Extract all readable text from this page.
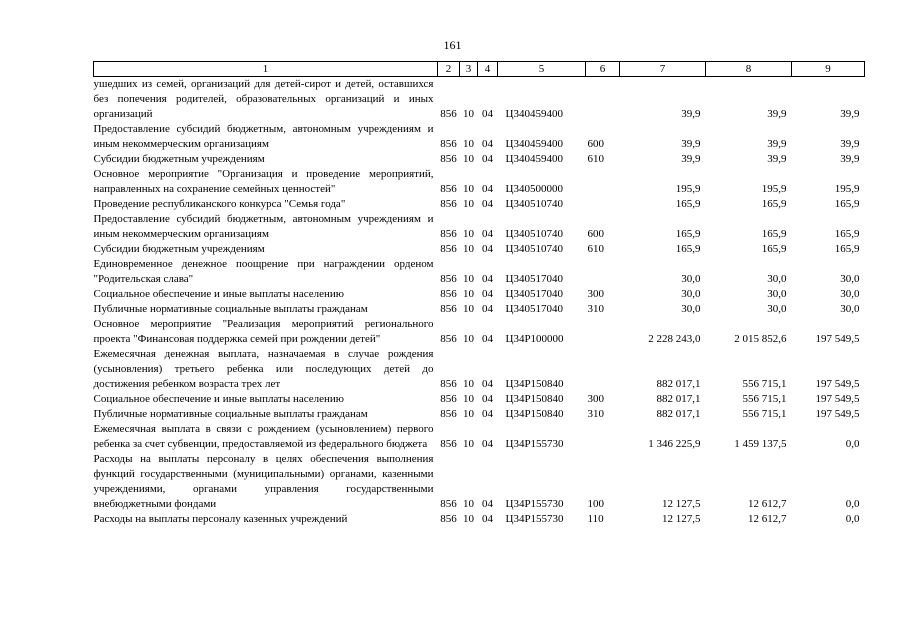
161
1	2	3	4	5	6	7	8	9
ушедших из семей, организаций для детей-сирот и детей, оставшихся без попечения родителей, образовательных организаций и иных организаций	856	10	04	Ц340459400		39,9	39,9	39,9
Предоставление субсидий бюджетным, автономным учреждениям и иным некоммерческим организациям	856	10	04	Ц340459400	600	39,9	39,9	39,9
Субсидии бюджетным учреждениям	856	10	04	Ц340459400	610	39,9	39,9	39,9
Основное мероприятие "Организация и проведение мероприятий, направленных на сохранение семейных ценностей"	856	10	04	Ц340500000		195,9	195,9	195,9
Проведение республиканского конкурса "Семья года"	856	10	04	Ц340510740		165,9	165,9	165,9
Предоставление субсидий бюджетным, автономным учреждениям и иным некоммерческим организациям	856	10	04	Ц340510740	600	165,9	165,9	165,9
Субсидии бюджетным учреждениям	856	10	04	Ц340510740	610	165,9	165,9	165,9
Единовременное денежное поощрение при награждении орденом "Родительская слава"	856	10	04	Ц340517040		30,0	30,0	30,0
Социальное обеспечение и иные выплаты населению	856	10	04	Ц340517040	300	30,0	30,0	30,0
Публичные нормативные социальные выплаты гражданам	856	10	04	Ц340517040	310	30,0	30,0	30,0
Основное мероприятие "Реализация мероприятий регионального проекта "Финансовая поддержка семей при рождении детей"	856	10	04	Ц34Р100000		2 228 243,0	2 015 852,6	197 549,5
Ежемесячная денежная выплата, назначаемая в случае рождения (усыновления) третьего ребенка или последующих детей до достижения ребенком возраста трех лет	856	10	04	Ц34Р150840		882 017,1	556 715,1	197 549,5
Социальное обеспечение и иные выплаты населению	856	10	04	Ц34Р150840	300	882 017,1	556 715,1	197 549,5
Публичные нормативные социальные выплаты гражданам	856	10	04	Ц34Р150840	310	882 017,1	556 715,1	197 549,5
Ежемесячная выплата в связи с рождением (усыновлением) первого ребенка за счет субвенции, предоставляемой из федерального бюджета	856	10	04	Ц34Р155730		1 346 225,9	1 459 137,5	0,0
Расходы на выплаты персоналу в целях обеспечения выполнения функций государственными (муниципальными) органами, казенными учреждениями, органами управления государственными внебюджетными фондами	856	10	04	Ц34Р155730	100	12 127,5	12 612,7	0,0
Расходы на выплаты персоналу казенных учреждений	856	10	04	Ц34Р155730	110	12 127,5	12 612,7	0,0
